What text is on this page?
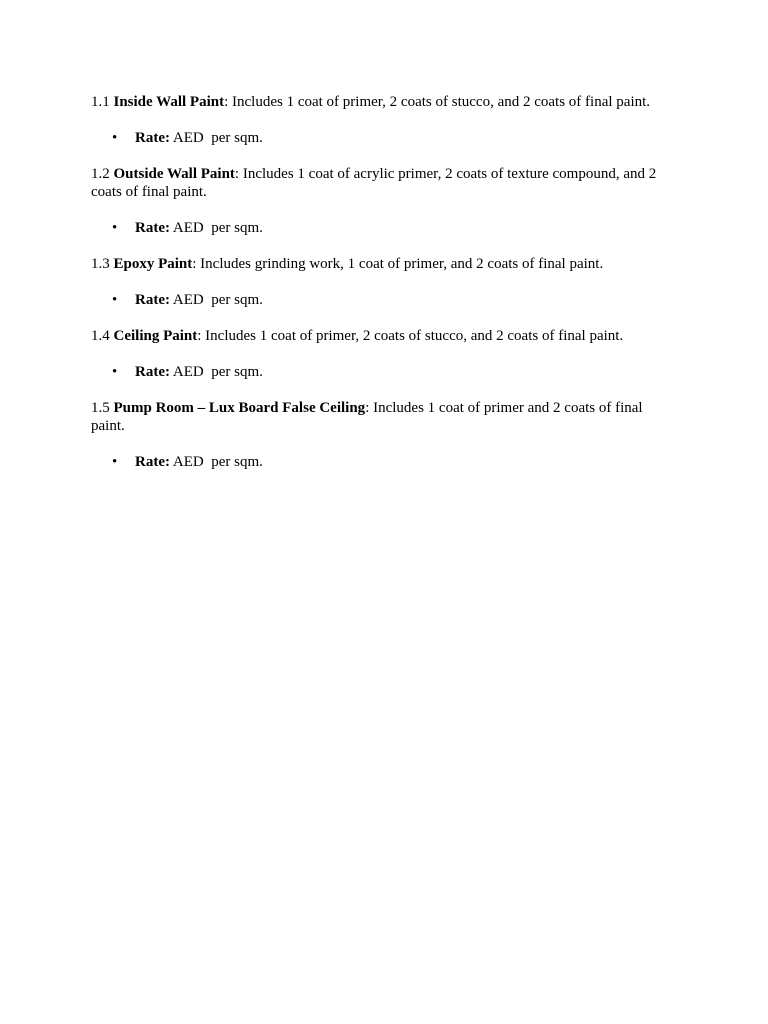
1.1 Inside Wall Paint: Includes 1 coat of primer, 2 coats of stucco, and 2 coats of final paint.

• Rate: AED  per sqm.

1.2 Outside Wall Paint: Includes 1 coat of acrylic primer, 2 coats of texture compound, and 2 coats of final paint.

• Rate: AED  per sqm.

1.3 Epoxy Paint: Includes grinding work, 1 coat of primer, and 2 coats of final paint.

• Rate: AED  per sqm.

1.4 Ceiling Paint: Includes 1 coat of primer, 2 coats of stucco, and 2 coats of final paint.

• Rate: AED  per sqm.

1.5 Pump Room – Lux Board False Ceiling: Includes 1 coat of primer and 2 coats of final paint.

• Rate: AED  per sqm.
